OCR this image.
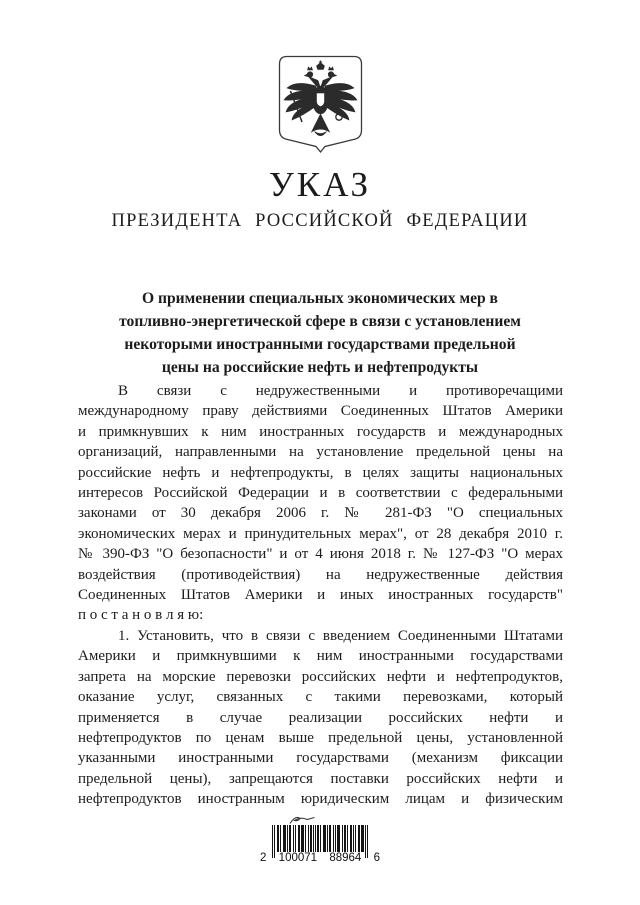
УКАЗ
ПРЕЗИДЕНТА РОССИЙСКОЙ ФЕДЕРАЦИИ
О применении специальных экономических мер в
топливно-энергетической сфере в связи с установлением
некоторыми иностранными государствами предельной
цены на российские нефть и нефтепродукты
В связи с недружественными и противоречащими
международному праву действиями Соединенных Штатов Америки
и примкнувших к ним иностранных государств и международных
организаций, направленными на установление предельной цены на
российские нефть и нефтепродукты, в целях защиты национальных
интересов Российской Федерации и в соответствии с федеральными
законами от 30 декабря 2006 г. № 281-ФЗ "О специальных
экономических мерах и принудительных мерах", от 28 декабря 2010 г.
№ 390-ФЗ "О безопасности" и от 4 июня 2018 г. № 127-ФЗ "О мерах
воздействия (противодействия) на недружественные действия
Соединенных Штатов Америки и иных иностранных государств"
п о с т а н о в л я ю:
1. Установить, что в связи с введением Соединенными Штатами
Америки и примкнувшими к ним иностранными государствами
запрета на морские перевозки российских нефти и нефтепродуктов,
оказание услуг, связанных с такими перевозками, который
применяется в случае реализации российских нефти и
нефтепродуктов по ценам выше предельной цены, установленной
указанными иностранными государствами (механизм фиксации
предельной цены), запрещаются поставки российских нефти и
нефтепродуктов иностранным юридическим лицам и физическим
2 100071 88964 6
